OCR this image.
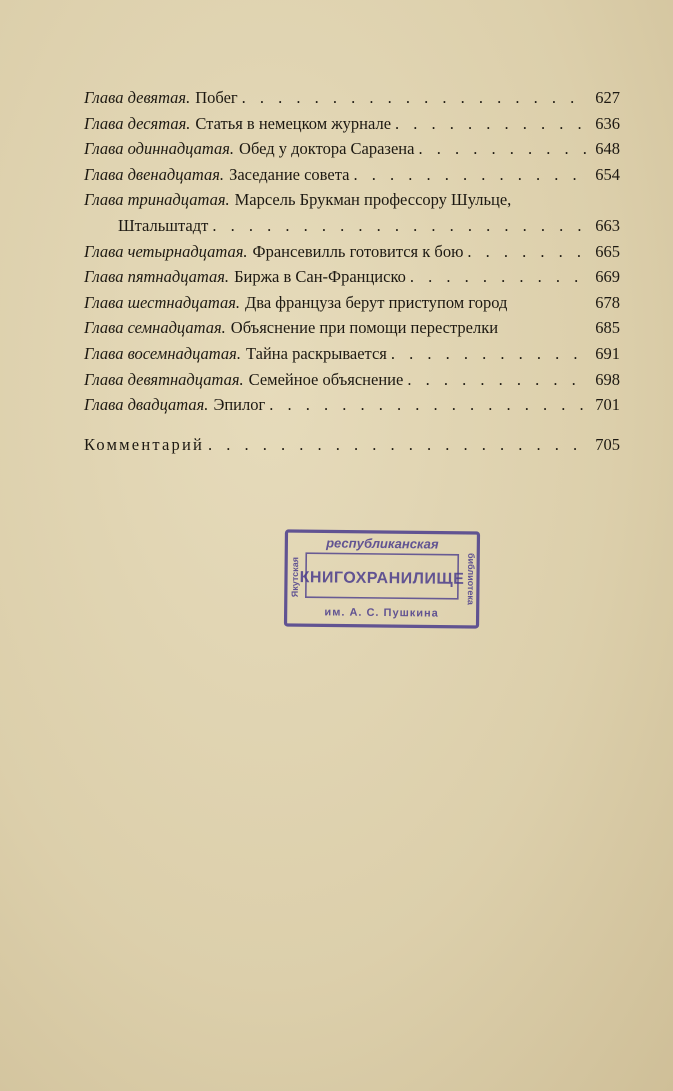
Глава девятая. Побег . . .	627
Глава десятая. Статья в немецком журнале . . .	636
Глава одиннадцатая. Обед у доктора Саразена . . .	648
Глава двенадцатая. Заседание совета . . .	654
Глава тринадцатая. Марсель Брукман профессору Шульце,
Штальштадт . . .	663
Глава четырнадцатая. Франсевилль готовится к бою . . .	665
Глава пятнадцатая. Биржа в Сан-Франциско . . .	669
Глава шестнадцатая. Два француза берут приступом город	678
Глава семнадцатая. Объяснение при помощи перестрелки	685
Глава восемнадцатая. Тайна раскрывается . . .	691
Глава девятнадцатая. Семейное объяснение . . .	698
Глава двадцатая. Эпилог . . .	701
Комментарий . . .	705
республиканская
КНИГОХРАНИЛИЩЕ
им. А. С. Пушкина
Якутская	библиотека
